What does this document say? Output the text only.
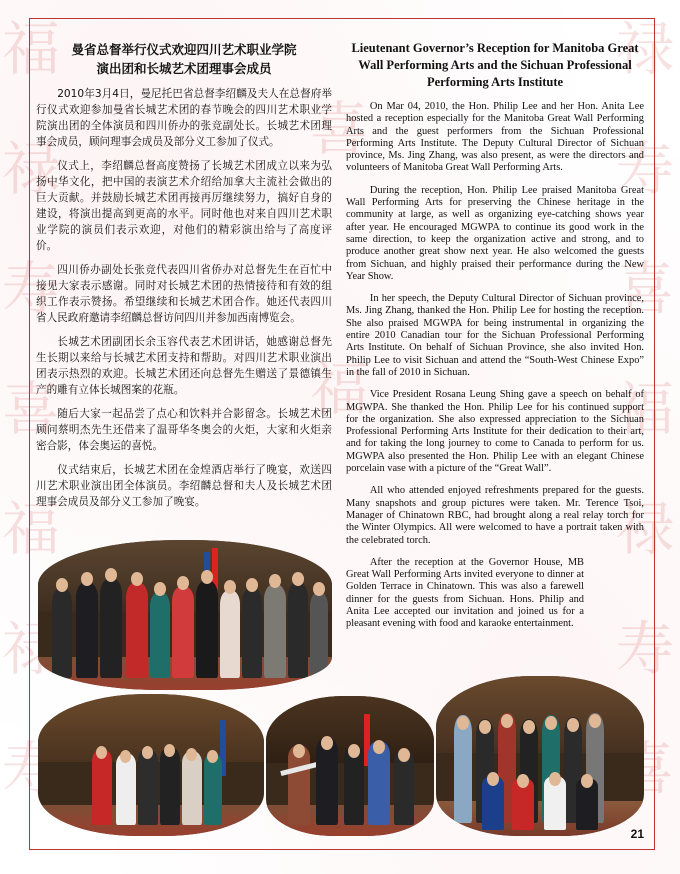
曼省总督举行仪式欢迎四川艺术职业学院
演出团和长城艺术团理事会成员

2010年3月4日，曼尼托巴省总督李绍麟及夫人在总督府举行仪式欢迎参加曼省长城艺术团的春节晚会的四川艺术职业学院演出团的全体演员和四川侨办的张竞副处长。长城艺术团理事会成员，顾问理事会成员及部分义工参加了仪式。

仪式上，李绍麟总督高度赞扬了长城艺术团成立以来为弘扬中华文化，把中国的表演艺术介绍给加拿大主流社会做出的巨大贡献。并鼓励长城艺术团再接再厉继续努力，搞好自身的建设，将演出提高到更高的水平。同时他也对来自四川艺术职业学院的演员们表示欢迎，对他们的精彩演出给与了高度评价。

四川侨办副处长张竞代表四川省侨办对总督先生在百忙中接见大家表示感谢。同时对长城艺术团的热情接待和有效的组织工作表示赞扬。希望继续和长城艺术团合作。她还代表四川省人民政府邀请李绍麟总督访问四川并参加西南博览会。

长城艺术团副团长余玉容代表艺术团讲话，她感谢总督先生长期以来给与长城艺术团支持和帮助。对四川艺术职业演出团表示热烈的欢迎。长城艺术团还向总督先生赠送了景德镇生产的雕有立体长城图案的花瓶。

随后大家一起品尝了点心和饮料并合影留念。长城艺术团顾问蔡明杰先生还借来了温哥华冬奥会的火炬，大家和火炬亲密合影，体会奥运的喜悦。

仪式结束后，长城艺术团在金煌酒店举行了晚宴，欢送四川艺术职业演出团全体演员。李绍麟总督和夫人及长城艺术团理事会成员及部分义工参加了晚宴。

Lieutenant Governor’s Reception for Manitoba Great Wall Performing Arts and the Sichuan Professional Performing Arts Institute

On Mar 04, 2010, the Hon. Philip Lee and her Hon. Anita Lee hosted a reception especially for the Manitoba Great Wall Performing Arts and the guest performers from the Sichuan Professional Performing Arts Institute. The Deputy Cultural Director of Sichuan province, Ms. Jing Zhang, was also present, as were the directors and volunteers of Manitoba Great Wall Performing Arts.

During the reception, Hon. Philip Lee praised Manitoba Great Wall Performing Arts for preserving the Chinese heritage in the community at large, as well as organizing eye-catching shows year after year. He encouraged MGWPA to continue its good work in the same direction, to keep the organization active and strong, and to produce another great show next year. He also welcomed the guests from Sichuan, and highly praised their performance during the New Year Show.

In her speech, the Deputy Cultural Director of Sichuan province, Ms. Jing Zhang, thanked the Hon. Philip Lee for hosting the reception. She also praised MGWPA for being instrumental in organizing the entire 2010 Canadian tour for the Sichuan Professional Performing Arts Institute. On behalf of Sichuan Province, she also invited Hon. Philip Lee to visit Sichuan and attend the “South-West Chinese Expo” in the fall of 2010 in Sichuan.

Vice President Rosana Leung Shing gave a speech on behalf of MGWPA. She thanked the Hon. Philip Lee for his continued support for the organization. She also expressed appreciation to the Sichuan Professional Performing Arts Institute for their dedication to their art, and for taking the long journey to come to Canada to perform for us. MGWPA also presented the Hon. Philip Lee with an elegant Chinese porcelain vase with a picture of the “Great Wall”.

All who attended enjoyed refreshments prepared for the guests. Many snapshots and group pictures were taken. Mr. Terence Tsoi, Manager of Chinatown RBC, had brought along a real relay torch for the Winter Olympics. All were welcomed to have a portrait taken with the celebrated torch.

After the reception at the Governor House, MB Great Wall Performing Arts invited everyone to dinner at Golden Terrace in Chinatown. This was also a farewell dinner for the guests from Sichuan. Hons. Philip and Anita Lee accepted our invitation and joined us for a pleasant evening with food and karaoke entertainment.

21
